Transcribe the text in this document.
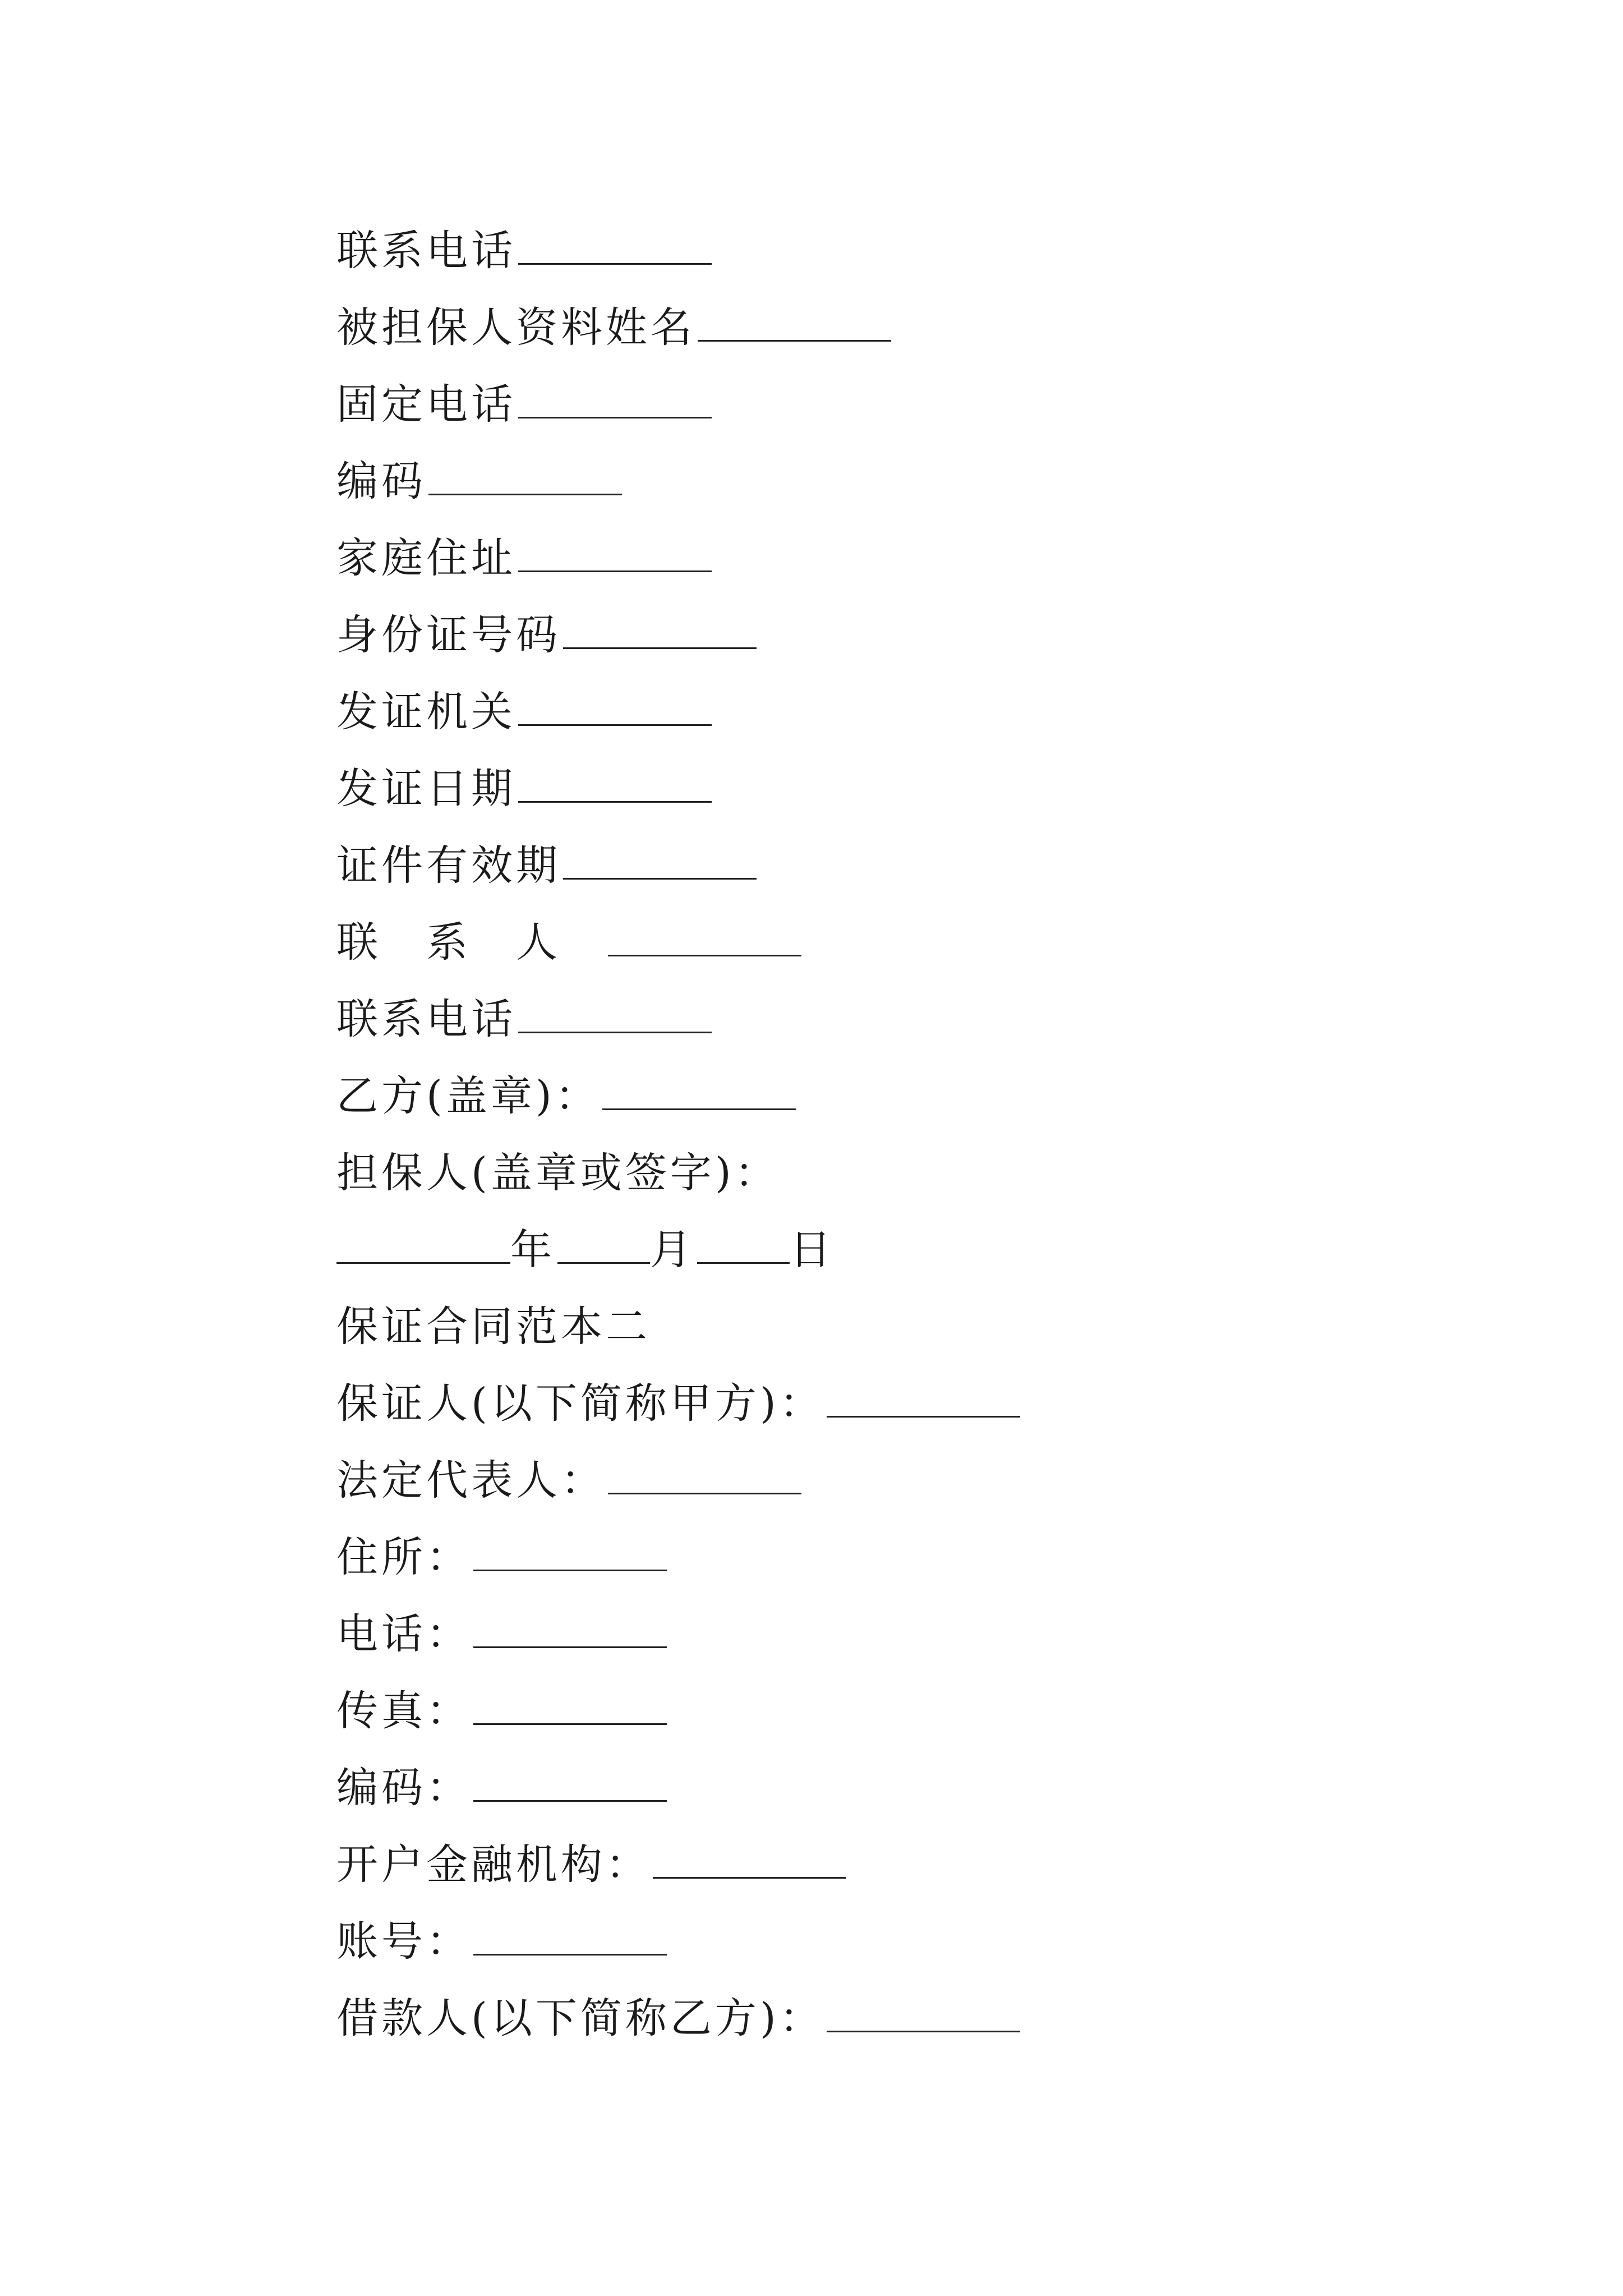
联系电话
被担保人资料姓名
固定电话
编码
家庭住址
身份证号码
发证机关
发证日期
证件有效期
联 系 人
联系电话
乙方(盖章)：
担保人(盖章或签字)：
年 月 日
保证合同范本二
保证人(以下简称甲方)：
法定代表人：
住所：
电话：
传真：
编码：
开户金融机构：
账号：
借款人(以下简称乙方)：
